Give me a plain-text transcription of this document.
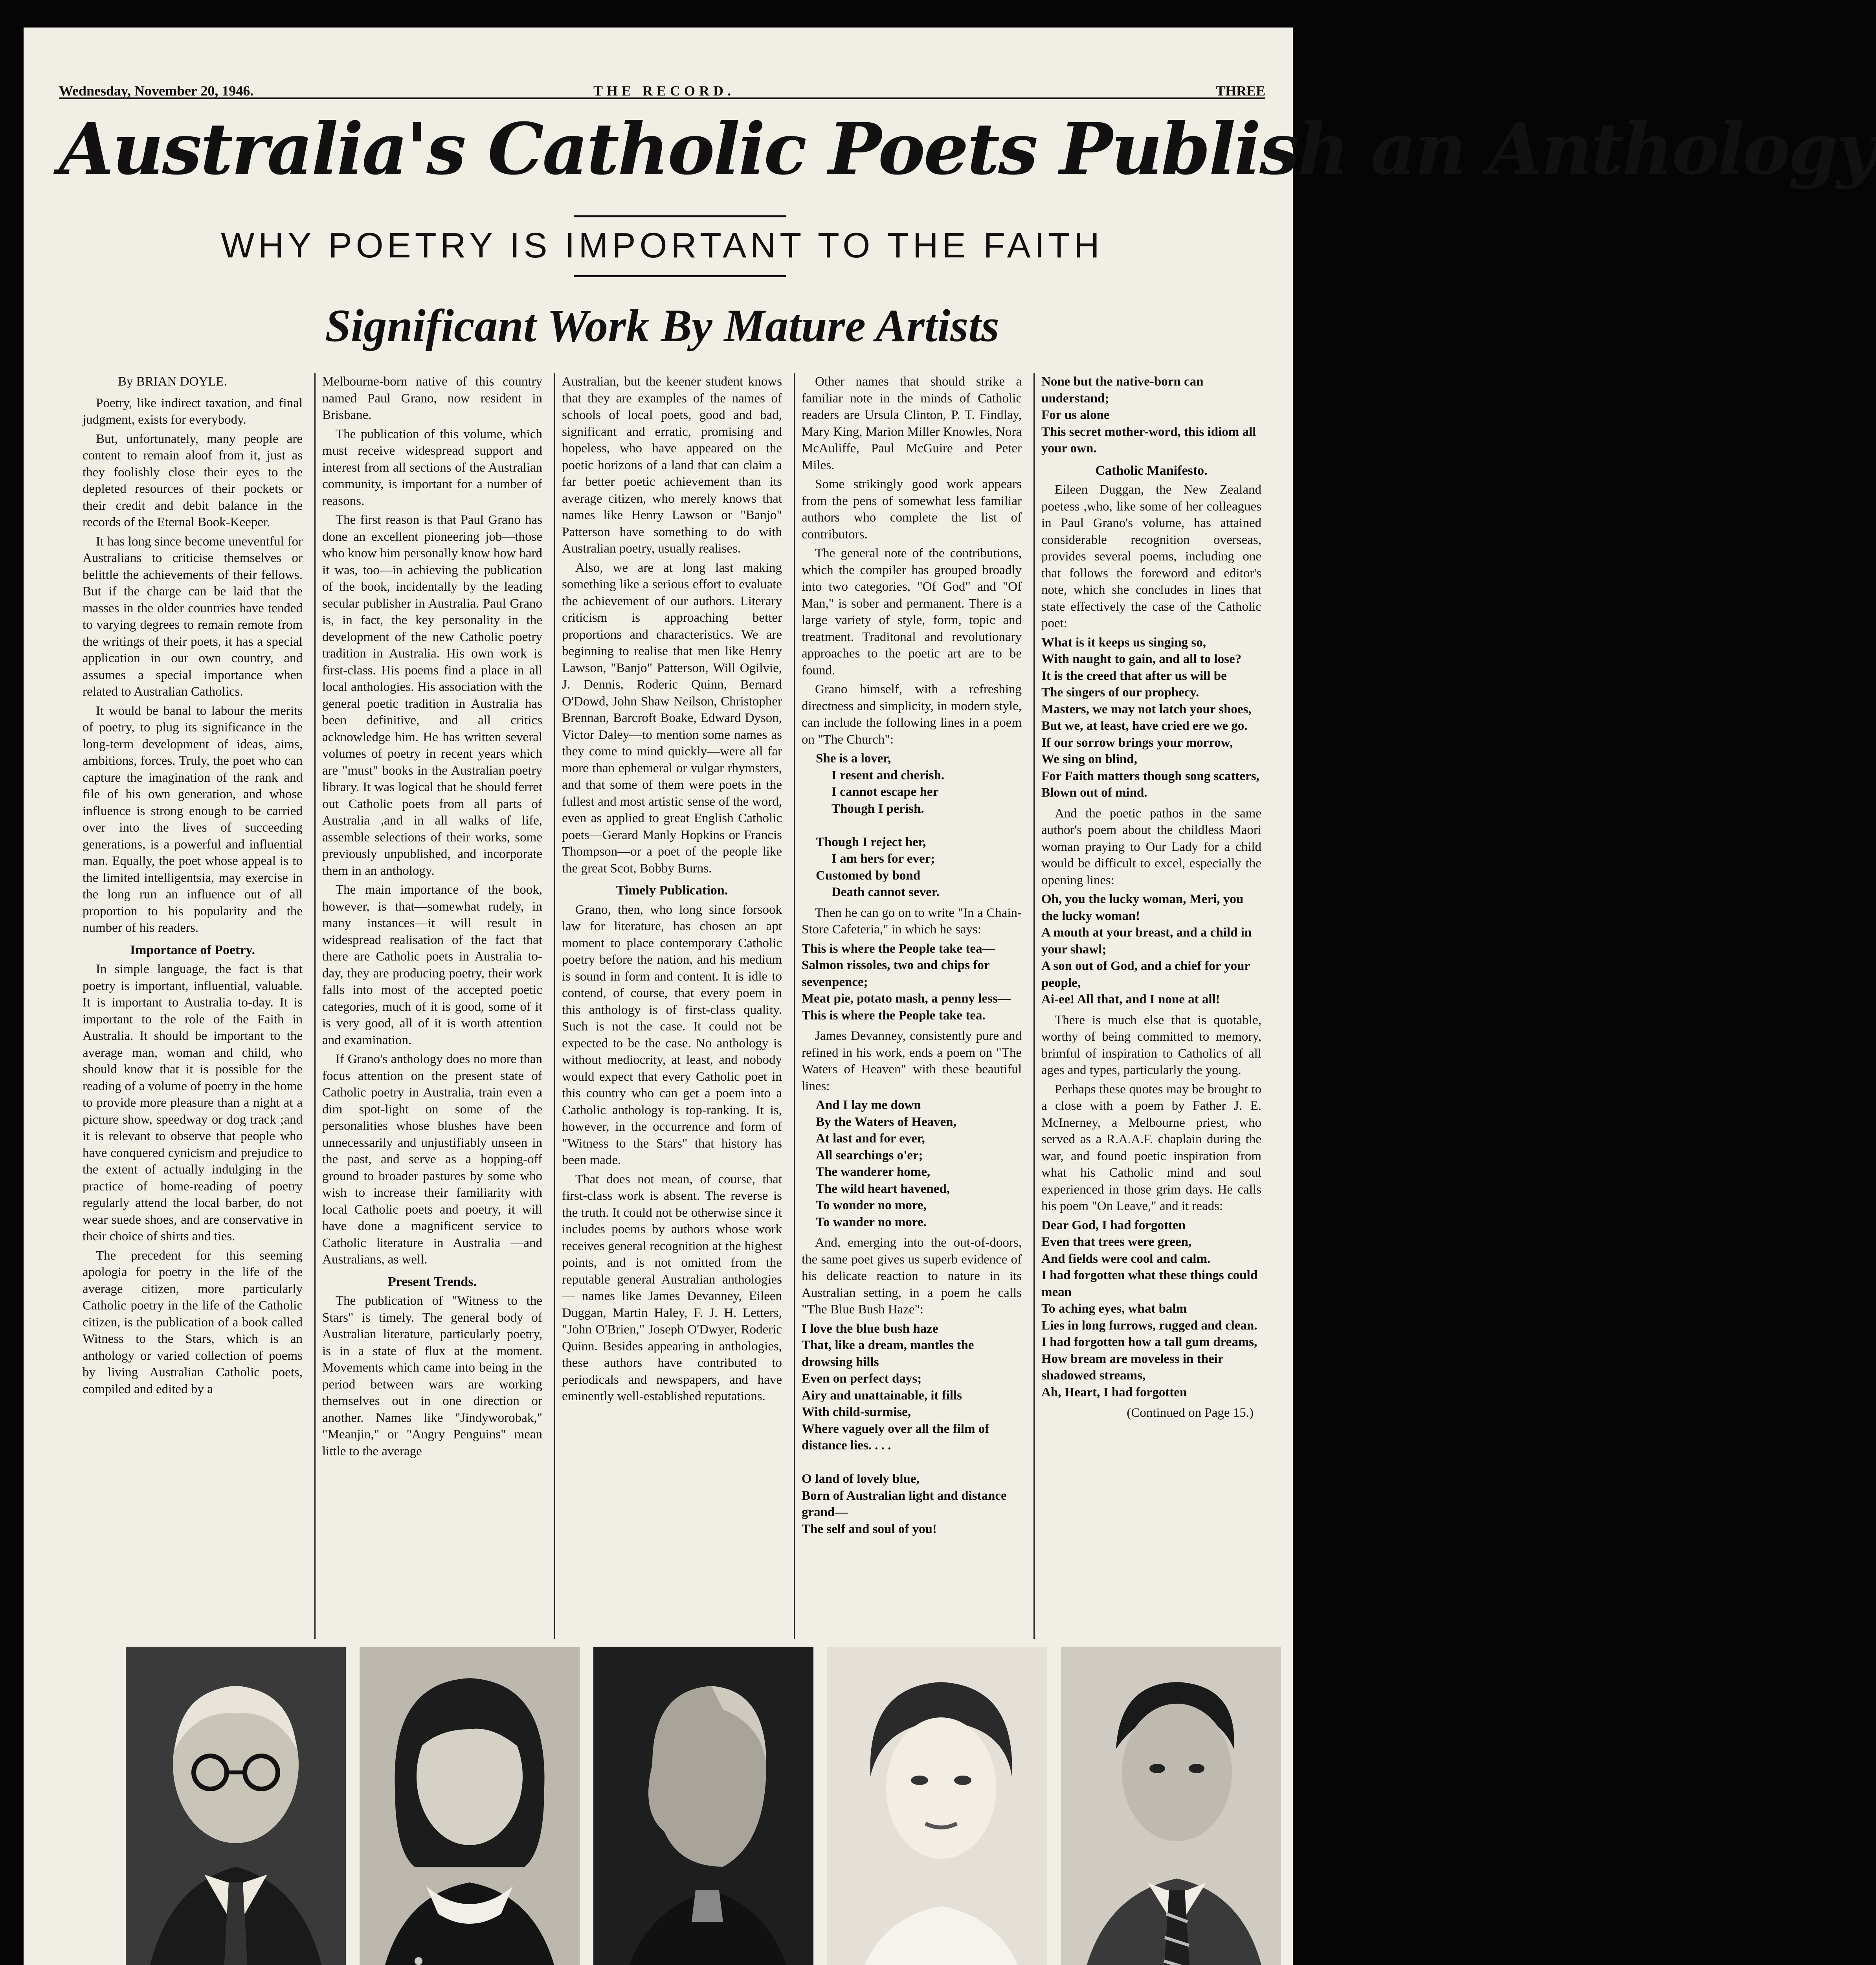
Wednesday, November 20, 1946.	THE RECORD.	THREE
Australia's Catholic Poets Publish an Anthology
WHY POETRY IS IMPORTANT TO THE FAITH
Significant Work By Mature Artists

By BRIAN DOYLE.

Poetry, like indirect taxation, and final judgment, exists for everybody.

But, unfortunately, many people are content to remain aloof from it, just as they foolishly close their eyes to the depleted resources of their pockets or their credit and debit balance in the records of the Eternal Book-Keeper.

It has long since become uneventful for Australians to criticise themselves or belittle the achievements of their fellows. But if the charge can be laid that the masses in the older countries have tended to varying degrees to remain remote from the writings of their poets, it has a special application in our own country, and assumes a special importance when related to Australian Catholics.

It would be banal to labour the merits of poetry, to plug its significance in the long-term development of ideas, aims, ambitions, forces. Truly, the poet who can capture the imagination of the rank and file of his own generation, and whose influence is strong enough to be carried over into the lives of succeeding generations, is a powerful and influential man. Equally, the poet whose appeal is to the limited intelligentsia, may exercise in the long run an influence out of all proportion to his popularity and the number of his readers.

Importance of Poetry.

In simple language, the fact is that poetry is important, influential, valuable. It is important to Australia to-day. It is important to the role of the Faith in Australia. It should be important to the average man, woman and child, who should know that it is possible for the reading of a volume of poetry in the home to provide more pleasure than a night at a picture show, speedway or dog track ;and it is relevant to observe that people who have conquered cynicism and prejudice to the extent of actually indulging in the practice of home-reading of poetry regularly attend the local barber, do not wear suede shoes, and are conservative in their choice of shirts and ties.

The precedent for this seeming apologia for poetry in the life of the average citizen, more particularly Catholic poetry in the life of the Catholic citizen, is the publication of a book called Witness to the Stars, which is an anthology or varied collection of poems by living Australian Catholic poets, compiled and edited by a

Melbourne-born native of this country named Paul Grano, now resident in Brisbane.

The publication of this volume, which must receive widespread support and interest from all sections of the Australian community, is important for a number of reasons.

The first reason is that Paul Grano has done an excellent pioneering job—those who know him personally know how hard it was, too—in achieving the publication of the book, incidentally by the leading secular publisher in Australia. Paul Grano is, in fact, the key personality in the development of the new Catholic poetry tradition in Australia. His own work is first-class. His poems find a place in all local anthologies. His association with the general poetic tradition in Australia has been definitive, and all critics acknowledge him. He has written several volumes of poetry in recent years which are "must" books in the Australian poetry library. It was logical that he should ferret out Catholic poets from all parts of Australia ,and in all walks of life, assemble selections of their works, some previously unpublished, and incorporate them in an anthology.

The main importance of the book, however, is that—somewhat rudely, in many instances—it will result in widespread realisation of the fact that there are Catholic poets in Australia to-day, they are producing poetry, their work falls into most of the accepted poetic categories, much of it is good, some of it is very good, all of it is worth attention and examination.

If Grano's anthology does no more than focus attention on the present state of Catholic poetry in Australia, train even a dim spot-light on some of the personalities whose blushes have been unnecessarily and unjustifiably unseen in the past, and serve as a hopping-off ground to broader pastures by some who wish to increase their familiarity with local Catholic poets and poetry, it will have done a magnificent service to Catholic literature in Australia —and Australians, as well.

Present Trends.

The publication of "Witness to the Stars" is timely. The general body of Australian literature, particularly poetry, is in a state of flux at the moment. Movements which came into being in the period between wars are working themselves out in one direction or another. Names like "Jindyworobak," "Meanjin," or "Angry Penguins" mean little to the average

Australian, but the keener student knows that they are examples of the names of schools of local poets, good and bad, significant and erratic, promising and hopeless, who have appeared on the poetic horizons of a land that can claim a far better poetic achievement than its average citizen, who merely knows that names like Henry Lawson or "Banjo" Patterson have something to do with Australian poetry, usually realises.

Also, we are at long last making something like a serious effort to evaluate the achievement of our authors. Literary criticism is approaching better proportions and characteristics. We are beginning to realise that men like Henry Lawson, "Banjo" Patterson, Will Ogilvie, J. Dennis, Roderic Quinn, Bernard O'Dowd, John Shaw Neilson, Christopher Brennan, Barcroft Boake, Edward Dyson, Victor Daley—to mention some names as they come to mind quickly—were all far more than ephemeral or vulgar rhymsters, and that some of them were poets in the fullest and most artistic sense of the word, even as applied to great English Catholic poets—Gerard Manly Hopkins or Francis Thompson—or a poet of the people like the great Scot, Bobby Burns.

Timely Publication.

Grano, then, who long since forsook law for literature, has chosen an apt moment to place contemporary Catholic poetry before the nation, and his medium is sound in form and content. It is idle to contend, of course, that every poem in this anthology is of first-class quality. Such is not the case. It could not be expected to be the case. No anthology is without mediocrity, at least, and nobody would expect that every Catholic poet in this country who can get a poem into a Catholic anthology is top-ranking. It is, however, in the occurrence and form of "Witness to the Stars" that history has been made.

That does not mean, of course, that first-class work is absent. The reverse is the truth. It could not be otherwise since it includes poems by authors whose work receives general recognition at the highest points, and is not omitted from the reputable general Australian anthologies — names like James Devanney, Eileen Duggan, Martin Haley, F. J. H. Letters, "John O'Brien," Joseph O'Dwyer, Roderic Quinn. Besides appearing in anthologies, these authors have contributed to periodicals and newspapers, and have eminently well-established reputations.

Other names that should strike a familiar note in the minds of Catholic readers are Ursula Clinton, P. T. Findlay, Mary King, Marion Miller Knowles, Nora McAuliffe, Paul McGuire and Peter Miles.

Some strikingly good work appears from the pens of somewhat less familiar authors who complete the list of contributors.

The general note of the contributions, which the compiler has grouped broadly into two categories, "Of God" and "Of Man," is sober and permanent. There is a large variety of style, form, topic and treatment. Traditonal and revolutionary approaches to the poetic art are to be found.

Grano himself, with a refreshing directness and simplicity, in modern style, can include the following lines in a poem on "The Church":

She is a lover,
I resent and cherish.
I cannot escape her
Though I perish.

Though I reject her,
I am hers for ever;
Customed by bond
Death cannot sever.

Then he can go on to write "In a Chain-Store Cafeteria," in which he says:

This is where the People take tea—
Salmon rissoles, two and chips for sevenpence;
Meat pie, potato mash, a penny less—
This is where the People take tea.

James Devanney, consistently pure and refined in his work, ends a poem on "The Waters of Heaven" with these beautiful lines:

And I lay me down
By the Waters of Heaven,
At last and for ever,
All searchings o'er;
The wanderer home,
The wild heart havened,
To wonder no more,
To wander no more.

And, emerging into the out-of-doors, the same poet gives us superb evidence of his delicate reaction to nature in its Australian setting, in a poem he calls "The Blue Bush Haze":

I love the blue bush haze
That, like a dream, mantles the drowsing hills
Even on perfect days;
Airy and unattainable, it fills
With child-surmise,
Where vaguely over all the film of distance lies. . . .

O land of lovely blue,
Born of Australian light and distance grand—
The self and soul of you!
None but the native-born can understand;
For us alone
This secret mother-word, this idiom all your own.
Catholic Manifesto.

Eileen Duggan, the New Zealand poetess ,who, like some of her colleagues in Paul Grano's volume, has attained considerable recognition overseas, provides several poems, including one that follows the foreword and editor's note, which she concludes in lines that state effectively the case of the Catholic poet:

What is it keeps us singing so,
With naught to gain, and all to lose?
It is the creed that after us will be
The singers of our prophecy.
Masters, we may not latch your shoes,
But we, at least, have cried ere we go.
If our sorrow brings your morrow,
We sing on blind,
For Faith matters though song scatters,
Blown out of mind.

And the poetic pathos in the same author's poem about the childless Maori woman praying to Our Lady for a child would be difficult to excel, especially the opening lines:

Oh, you the lucky woman, Meri, you the lucky woman!
A mouth at your breast, and a child in your shawl;
A son out of God, and a chief for your people,
Ai-ee! All that, and I none at all!

There is much else that is quotable, worthy of being committed to memory, brimful of inspiration to Catholics of all ages and types, particularly the young.

Perhaps these quotes may be brought to a close with a poem by Father J. E. McInerney, a Melbourne priest, who served as a R.A.A.F. chaplain during the war, and found poetic inspiration from what his Catholic mind and soul experienced in those grim days. He calls his poem "On Leave," and it reads:

Dear God, I had forgotten
Even that trees were green,
And fields were cool and calm.
I had forgotten what these things could mean
To aching eyes, what balm
Lies in long furrows, rugged and clean.
I had forgotten how a tall gum dreams,
How bream are moveless in their shadowed streams,
Ah, Heart, I had forgotten

(Continued on Page 15.)
